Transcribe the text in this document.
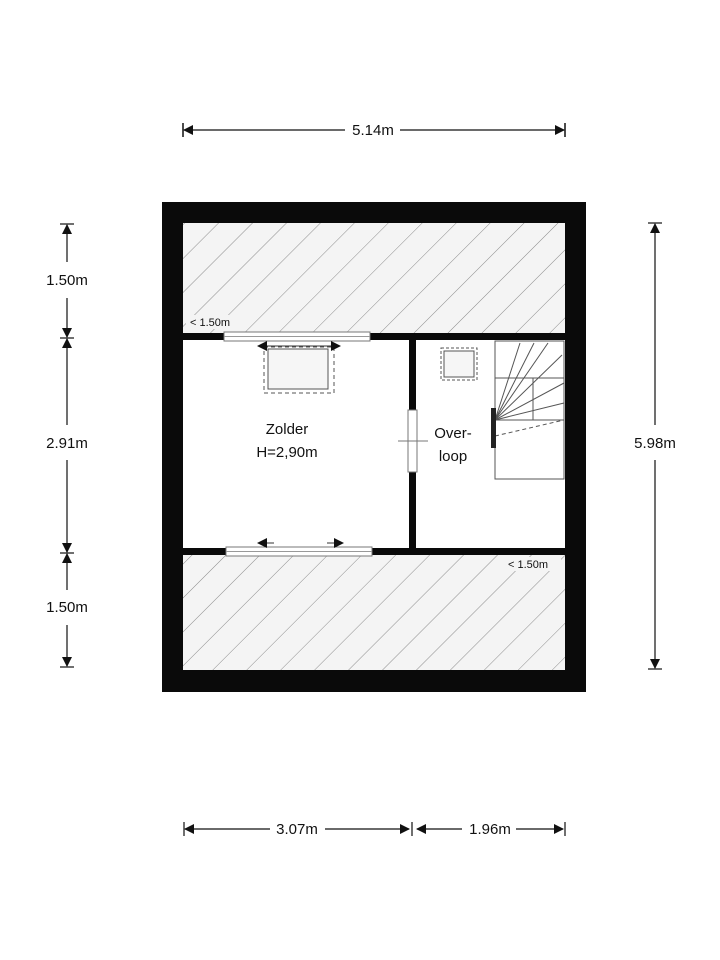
Zolder
H=2,90m
Over-
loop
< 1.50m
< 1.50m
5.14m
1.50m
2.91m
1.50m
5.98m
3.07m	1.96m
